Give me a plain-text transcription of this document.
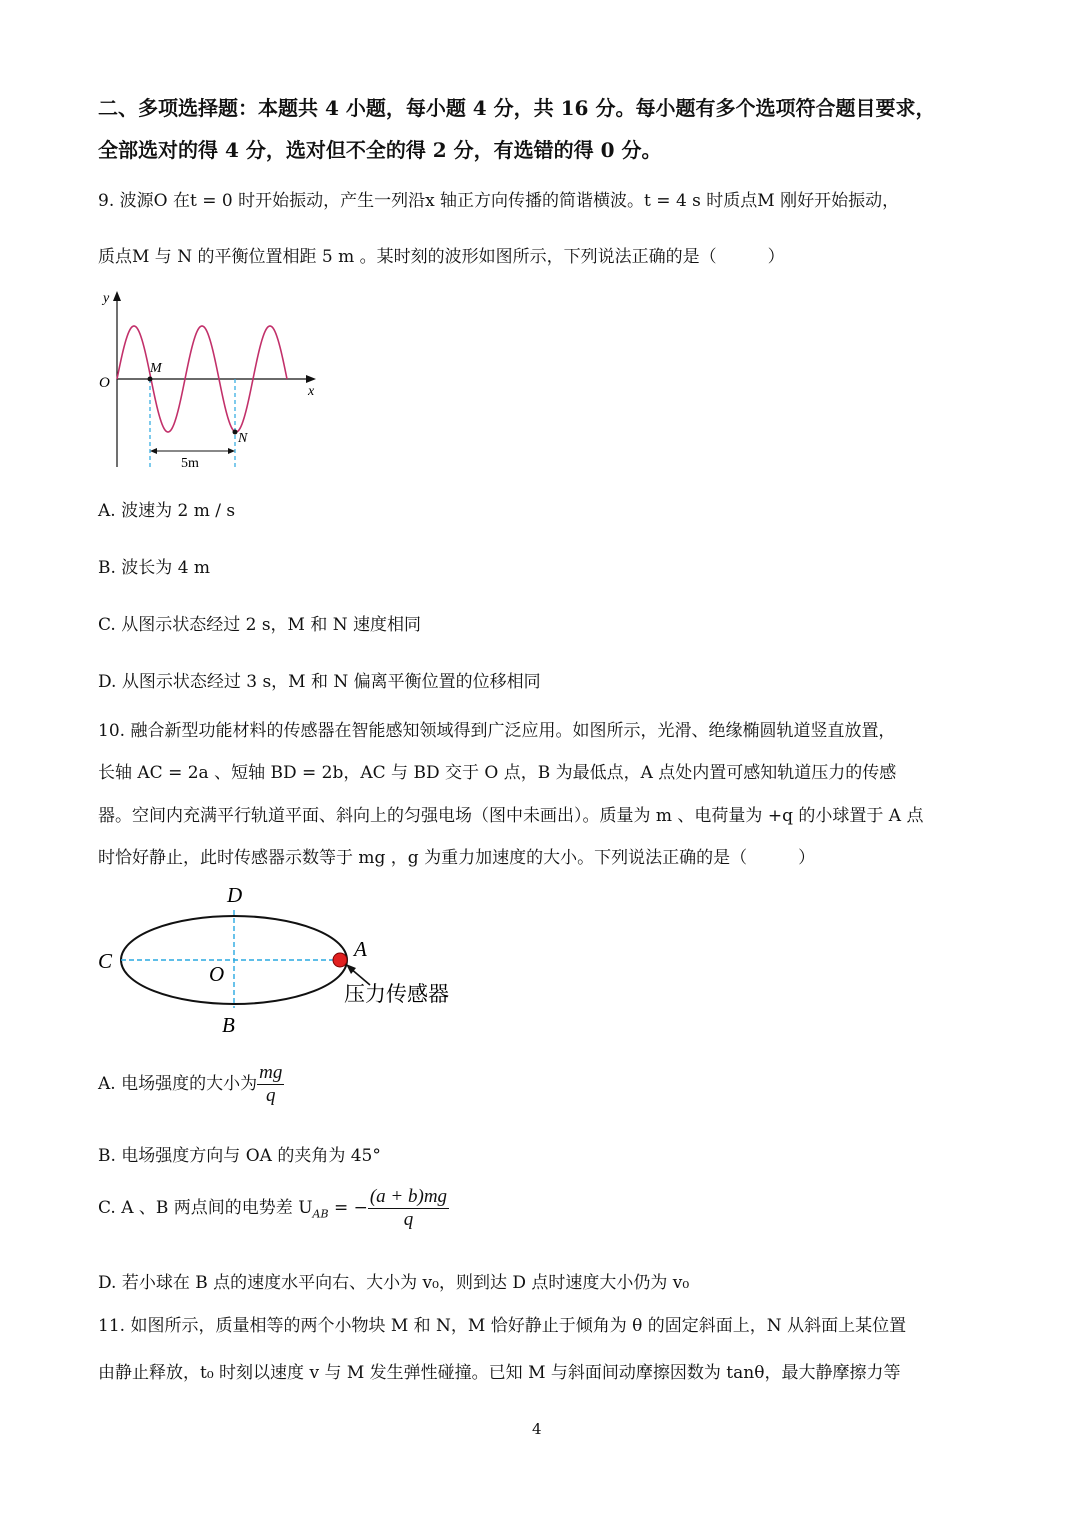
二、多项选择题：本题共 4 小题，每小题 4 分，共 16 分。每小题有多个选项符合题目要求，
全部选对的得 4 分，选对但不全的得 2 分，有选错的得 0 分。
9. 波源O 在t = 0 时开始振动，产生一列沿x 轴正方向传播的简谐横波。t = 4 s 时质点M 刚好开始振动，
质点M 与 N 的平衡位置相距 5 m 。某时刻的波形如图所示，下列说法正确的是（　　　）
y
x
O
M
N
5m
A. 波速为 2 m / s
B. 波长为 4 m
C. 从图示状态经过 2 s，M 和 N 速度相同
D. 从图示状态经过 3 s，M 和 N 偏离平衡位置的位移相同
10. 融合新型功能材料的传感器在智能感知领域得到广泛应用。如图所示，光滑、绝缘椭圆轨道竖直放置，
长轴 AC = 2a 、短轴 BD = 2b，AC 与 BD 交于 O 点，B 为最低点，A 点处内置可感知轨道压力的传感
器。空间内充满平行轨道平面、斜向上的匀强电场（图中未画出）。质量为 m 、电荷量为 +q 的小球置于 A 点
时恰好静止，此时传感器示数等于 mg ，g 为重力加速度的大小。下列说法正确的是（　　　）
D
C
O
A
B
压力传感器
A. 电场强度的大小为 $\frac{mg}{q}$
B. 电场强度方向与 OA 的夹角为 45°
C. A 、B 两点间的电势差 $U_{AB}$ = − $\frac{(a + b)mg}{q}$
D. 若小球在 B 点的速度水平向右、大小为 v₀，则到达 D 点时速度大小仍为 v₀
11. 如图所示，质量相等的两个小物块 M 和 N，M 恰好静止于倾角为 θ 的固定斜面上，N 从斜面上某位置
由静止释放，t₀ 时刻以速度 v 与 M 发生弹性碰撞。已知 M 与斜面间动摩擦因数为 tanθ，最大静摩擦力等
4
